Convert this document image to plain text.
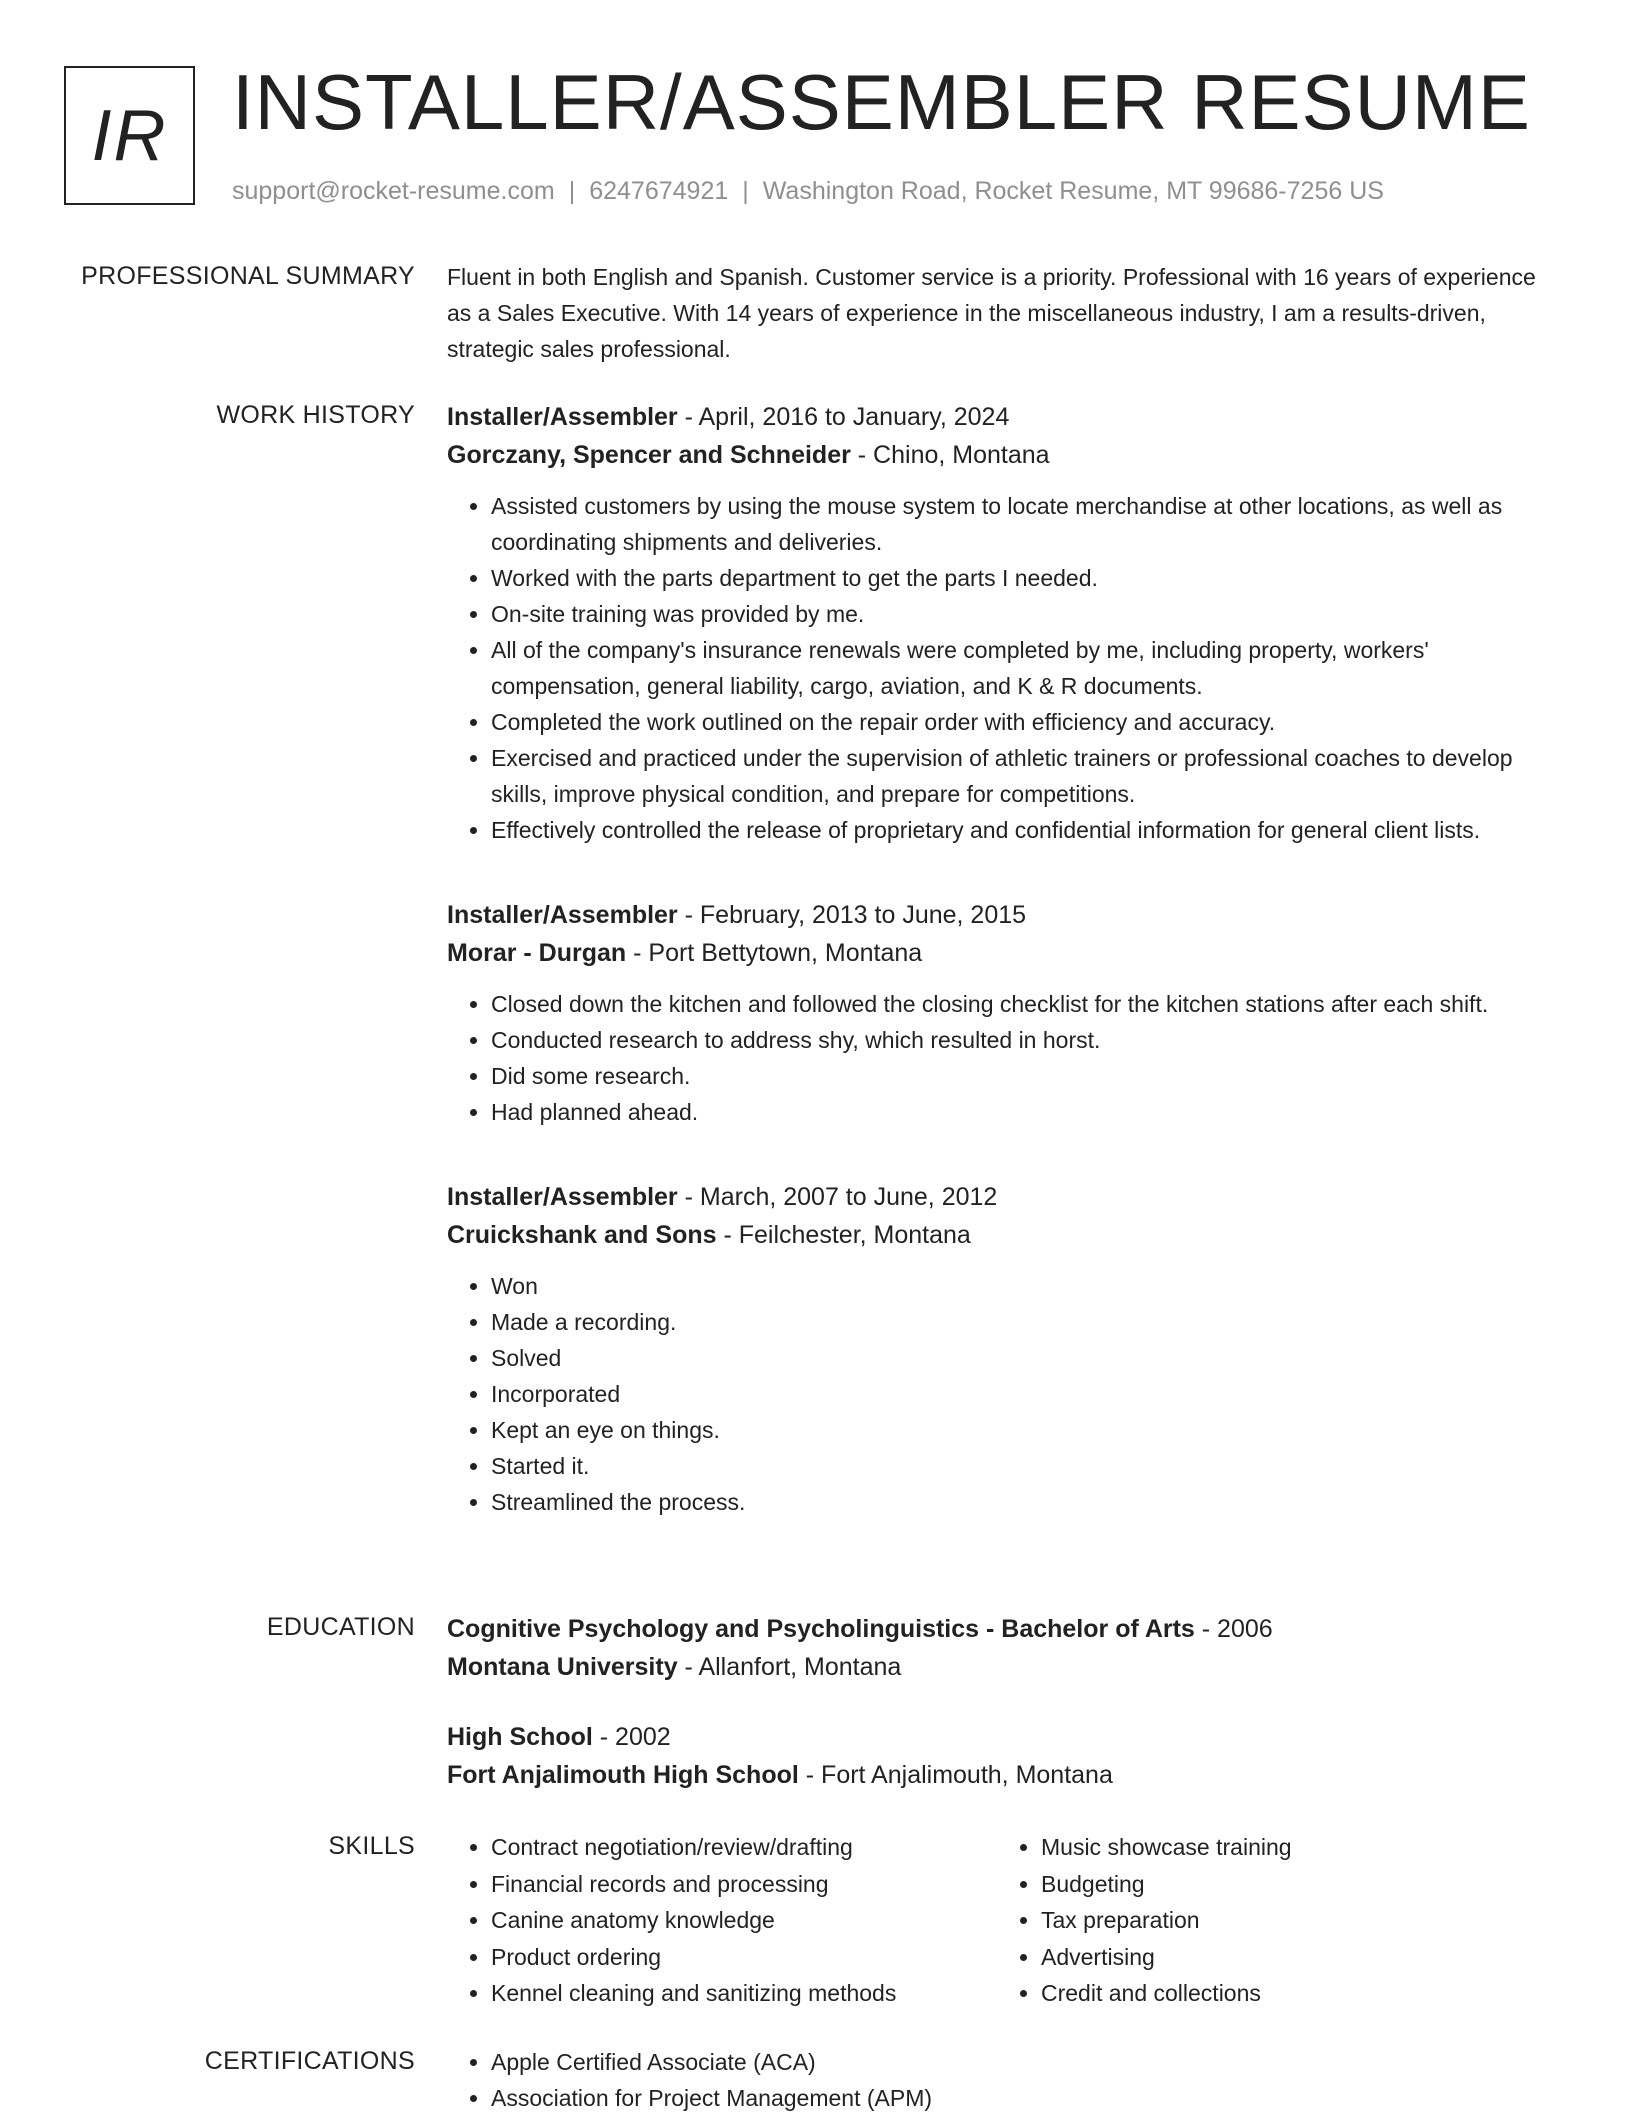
IR INSTALLER/ASSEMBLER RESUME
support@rocket-resume.com | 6247674921 | Washington Road, Rocket Resume, MT 99686-7256 US
PROFESSIONAL SUMMARY Fluent in both English and Spanish. Customer service is a priority. Professional with 16 years of experience as a Sales Executive. With 14 years of experience in the miscellaneous industry, I am a results-driven, strategic sales professional.

WORK HISTORY Installer/Assembler - April, 2016 to January, 2024

Gorczany, Spencer and Schneider - Chino, Montana

• Assisted customers by using the mouse system to locate merchandise at other locations, as well as coordinating shipments and deliveries.
• Worked with the parts department to get the parts I needed.
• On-site training was provided by me.
• All of the company's insurance renewals were completed by me, including property, workers' compensation, general liability, cargo, aviation, and K & R documents.
• Completed the work outlined on the repair order with efficiency and accuracy.
• Exercised and practiced under the supervision of athletic trainers or professional coaches to develop skills, improve physical condition, and prepare for competitions.
• Effectively controlled the release of proprietary and confidential information for general client lists.

Installer/Assembler - February, 2013 to June, 2015

Morar - Durgan - Port Bettytown, Montana

• Closed down the kitchen and followed the closing checklist for the kitchen stations after each shift.
• Conducted research to address shy, which resulted in horst.
• Did some research.
• Had planned ahead.

Installer/Assembler - March, 2007 to June, 2012

Cruickshank and Sons - Feilchester, Montana

• Won
• Made a recording.
• Solved
• Incorporated
• Kept an eye on things.
• Started it.
• Streamlined the process.
EDUCATION Cognitive Psychology and Psycholinguistics - Bachelor of Arts - 2006

Montana University - Allanfort, Montana

High School - 2002

Fort Anjalimouth High School - Fort Anjalimouth, Montana

SKILLS	• Contract negotiation/review/drafting
• Financial records and processing
• Canine anatomy knowledge
• Product ordering
• Kennel cleaning and sanitizing methods
• Music showcase training
• Budgeting
• Tax preparation
• Advertising
• Credit and collections
CERTIFICATIONS	• Apple Certified Associate (ACA)
• Association for Project Management (APM)
